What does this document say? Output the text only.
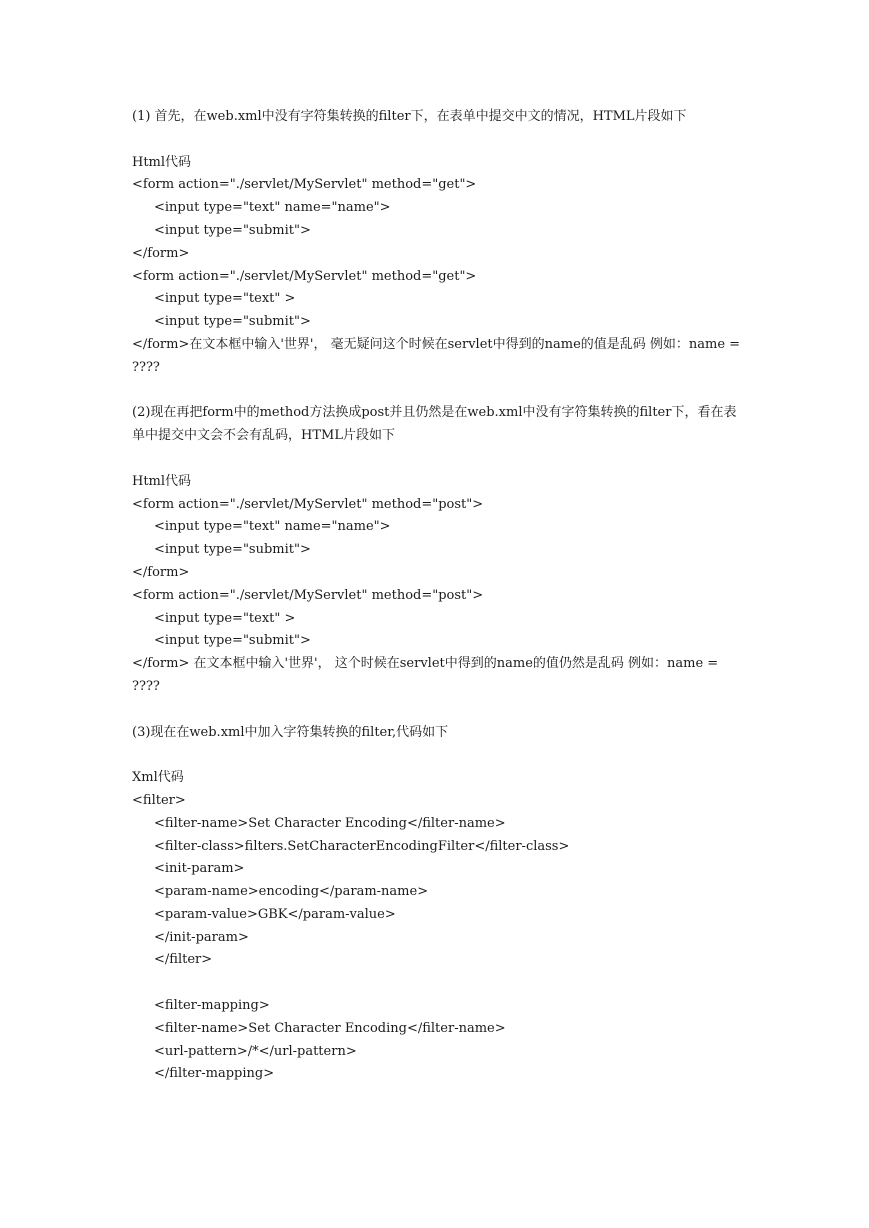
(1) 首先，在web.xml中没有字符集转换的filter下，在表单中提交中文的情况，HTML片段如下
Html代码
<form action="./servlet/MyServlet" method="get">
<input type="text" name="name">
<input type="submit">
</form>
<form action="./servlet/MyServlet" method="get">
<input type="text" >
<input type="submit">
</form>在文本框中输入'世界'， 毫无疑问这个时候在servlet中得到的name的值是乱码 例如：name = ????
(2)现在再把form中的method方法换成post并且仍然是在web.xml中没有字符集转换的filter下，看在表单中提交中文会不会有乱码，HTML片段如下
Html代码
<form action="./servlet/MyServlet" method="post">
<input type="text" name="name">
<input type="submit">
</form>
<form action="./servlet/MyServlet" method="post">
<input type="text" >
<input type="submit">
</form> 在文本框中输入'世界'， 这个时候在servlet中得到的name的值仍然是乱码 例如：name = ????
(3)现在在web.xml中加入字符集转换的filter,代码如下
Xml代码
<filter>
<filter-name>Set Character Encoding</filter-name>
<filter-class>filters.SetCharacterEncodingFilter</filter-class>
<init-param>
<param-name>encoding</param-name>
<param-value>GBK</param-value>
</init-param>
</filter>
<filter-mapping>
<filter-name>Set Character Encoding</filter-name>
<url-pattern>/*</url-pattern>
</filter-mapping>
